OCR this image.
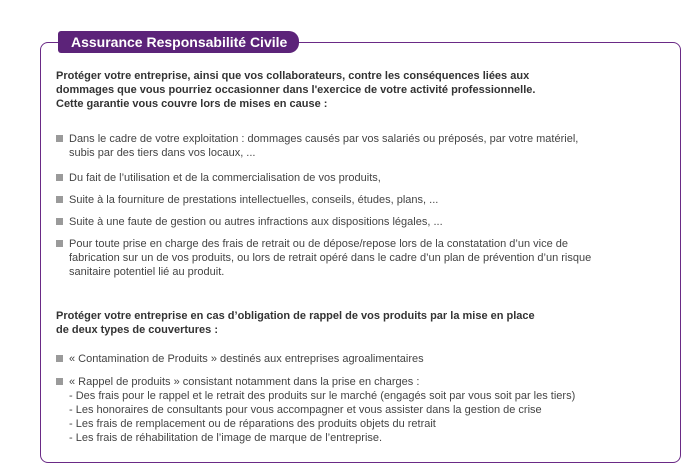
Assurance Responsabilité Civile

Protéger votre entreprise, ainsi que vos collaborateurs, contre les conséquences liées aux

dommages que vous pourriez occasionner dans l'exercice de votre activité professionnelle.

Cette garantie vous couvre lors de mises en cause :

Dans le cadre de votre exploitation : dommages causés par vos salariés ou préposés, par votre matériel,
subis par des tiers dans vos locaux, ...
Du fait de l’utilisation et de la commercialisation de vos produits,
Suite à la fourniture de prestations intellectuelles, conseils, études, plans, ...
Suite à une faute de gestion ou autres infractions aux dispositions légales, ...
Pour toute prise en charge des frais de retrait ou de dépose/repose lors de la constatation d’un vice de
fabrication sur un de vos produits, ou lors de retrait opéré dans le cadre d’un plan de prévention d’un risque
sanitaire potentiel lié au produit.

Protéger votre entreprise en cas d’obligation de rappel de vos produits par la mise en place

de deux types de couvertures :

« Contamination de Produits » destinés aux entreprises agroalimentaires
« Rappel de produits » consistant notamment dans la prise en charges :
- Des frais pour le rappel et le retrait des produits sur le marché (engagés soit par vous soit par les tiers)
- Les honoraires de consultants pour vous accompagner et vous assister dans la gestion de crise
- Les frais de remplacement ou de réparations des produits objets du retrait
- Les frais de réhabilitation de l’image de marque de l’entreprise.
